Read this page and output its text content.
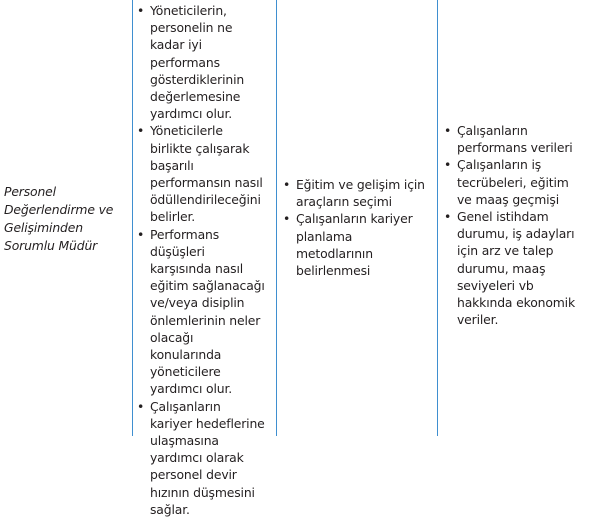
Personel Değerlendirme ve Gelişiminden Sorumlu Müdür
• Yöneticilerin, personelin ne kadar iyi performans gösterdiklerinin değerlemesine yardımcı olur.
• Yöneticilerle birlikte çalışarak başarılı performansın nasıl ödüllendirileceğini belirler.
• Performans düşüşleri karşısında nasıl eğitim sağlanacağı ve/veya disiplin önlemlerinin neler olacağı konularında yöneticilere yardımcı olur.
• Çalışanların kariyer hedeflerine ulaşmasına yardımcı olarak personel devir hızının düşmesini sağlar.
• Eğitim ve gelişim için araçların seçimi
• Çalışanların kariyer planlama metodlarının belirlenmesi
• Çalışanların performans verileri
• Çalışanların iş tecrübeleri, eğitim ve maaş geçmişi
• Genel istihdam durumu, iş adayları için arz ve talep durumu, maaş seviyeleri vb hakkında ekonomik veriler.
